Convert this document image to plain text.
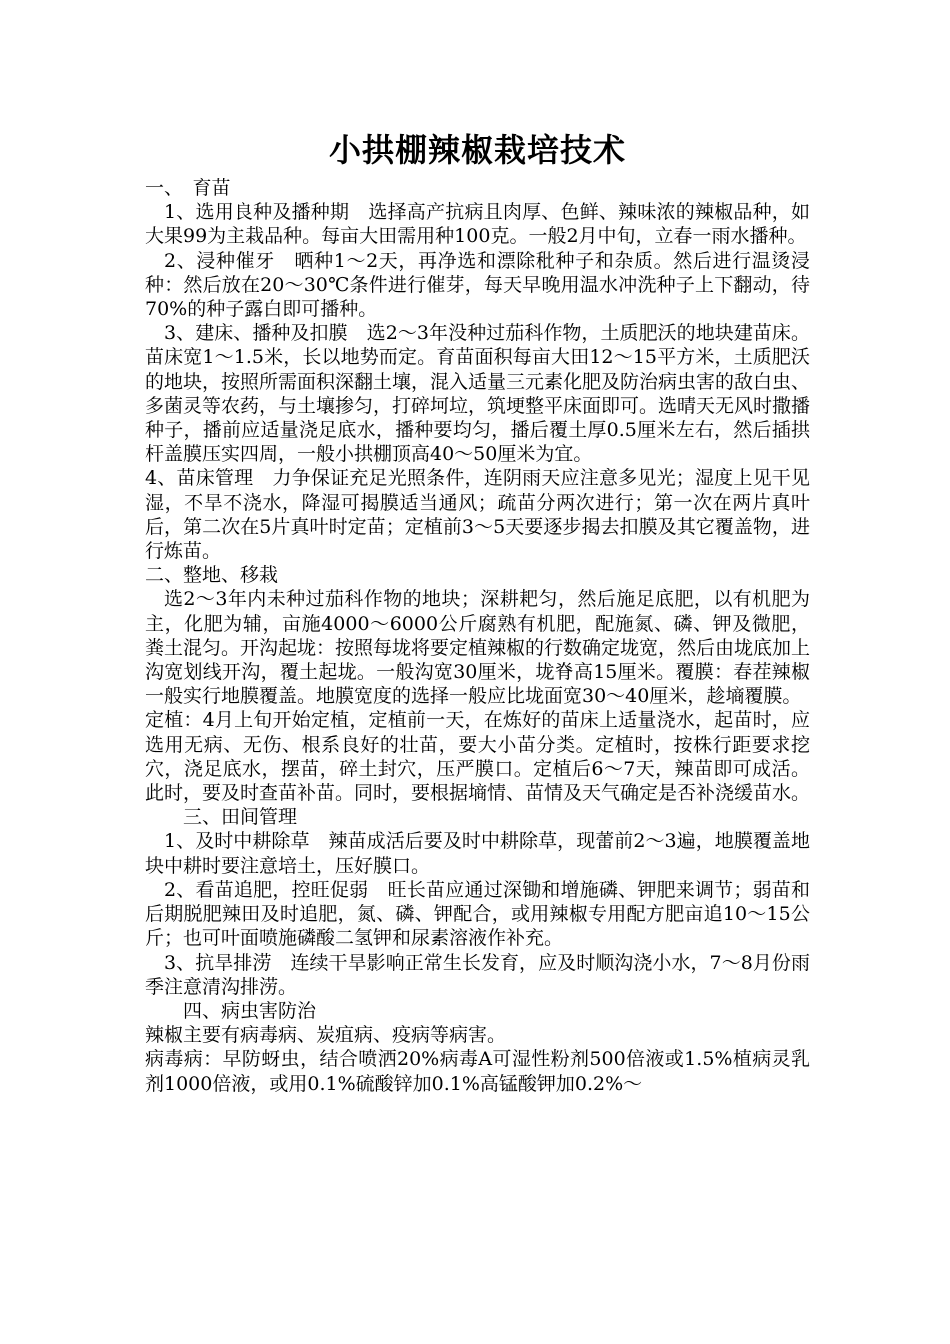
小拱棚辣椒栽培技术

一、　育苗

1、选用良种及播种期　选择高产抗病且肉厚、色鲜、辣味浓的辣椒品种，如大果99为主栽品种。每亩大田需用种100克。一般2月中旬，立春一雨水播种。

2、浸种催牙　晒种1～2天，再净选和漂除秕种子和杂质。然后进行温烫浸种：然后放在20～30℃条件进行催芽，每天早晚用温水冲洗种子上下翻动，待70%的种子露白即可播种。

3、建床、播种及扣膜　选2～3年没种过茄科作物，土质肥沃的地块建苗床。苗床宽1～1.5米，长以地势而定。育苗面积每亩大田12～15平方米，土质肥沃的地块，按照所需面积深翻土壤，混入适量三元素化肥及防治病虫害的敌白虫、多菌灵等农药，与土壤掺匀，打碎坷垃，筑埂整平床面即可。选晴天无风时撒播种子，播前应适量浇足底水，播种要均匀，播后覆土厚0.5厘米左右，然后插拱杆盖膜压实四周，一般小拱棚顶高40～50厘米为宜。

4、苗床管理　力争保证充足光照条件，连阴雨天应注意多见光；湿度上见干见湿，不旱不浇水，降湿可揭膜适当通风；疏苗分两次进行；第一次在两片真叶后，第二次在5片真叶时定苗；定植前3～5天要逐步揭去扣膜及其它覆盖物，进行炼苗。

二、整地、移栽

选2～3年内未种过茄科作物的地块；深耕耙匀，然后施足底肥，以有机肥为主，化肥为辅，亩施4000～6000公斤腐熟有机肥，配施氮、磷、钾及微肥，粪土混匀。开沟起垅：按照每垅将要定植辣椒的行数确定垅宽，然后由垅底加上沟宽划线开沟，覆土起垅。一般沟宽30厘米，垅脊高15厘米。覆膜：春茬辣椒一般实行地膜覆盖。地膜宽度的选择一般应比垅面宽30～40厘米，趁墒覆膜。

定植：4月上旬开始定植，定植前一天，在炼好的苗床上适量浇水，起苗时，应选用无病、无伤、根系良好的壮苗，要大小苗分类。定植时，按株行距要求挖穴，浇足底水，摆苗，碎土封穴，压严膜口。定植后6～7天，辣苗即可成活。此时，要及时查苗补苗。同时，要根据墒情、苗情及天气确定是否补浇缓苗水。

三、田间管理

1、及时中耕除草　辣苗成活后要及时中耕除草，现蕾前2～3遍，地膜覆盖地块中耕时要注意培土，压好膜口。

2、看苗追肥，控旺促弱　旺长苗应通过深锄和增施磷、钾肥来调节；弱苗和后期脱肥辣田及时追肥，氮、磷、钾配合，或用辣椒专用配方肥亩追10～15公斤；也可叶面喷施磷酸二氢钾和尿素溶液作补充。

3、抗旱排涝　连续干旱影响正常生长发育，应及时顺沟浇小水，7～8月份雨季注意清沟排涝。

四、病虫害防治

辣椒主要有病毒病、炭疽病、疫病等病害。

病毒病：早防蚜虫，结合喷洒20%病毒A可湿性粉剂500倍液或1.5%植病灵乳剂1000倍液，或用0.1%硫酸锌加0.1%高锰酸钾加0.2%～
